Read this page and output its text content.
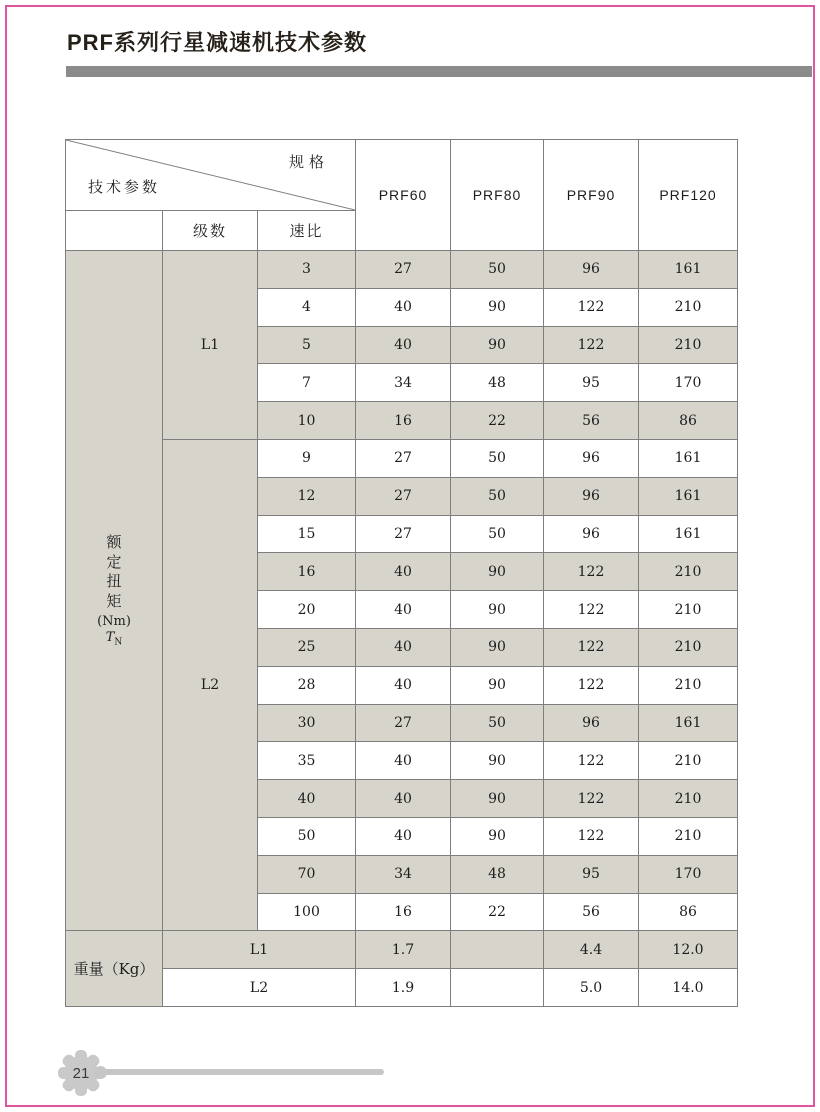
PRF系列行星减速机技术参数
规格
技术参数			PRF60	PRF80	PRF90	PRF120
	级数	速比				

额定扭矩
(Nm)
$T_N$	L1	3	27	50	96	161
		4	40	90	122	210
		5	40	90	122	210
		7	34	48	95	170
		10	16	22	56	86
	L2	9	27	50	96	161
		12	27	50	96	161
		15	27	50	96	161
		16	40	90	122	210
		20	40	90	122	210
		25	40	90	122	210
		28	40	90	122	210
		30	27	50	96	161
		35	40	90	122	210
		40	40	90	122	210
		50	40	90	122	210
		70	34	48	95	170
		100	16	22	56	86
重量（Kg）	L1		1.7		4.4	12.0
	L2		1.9		5.0	14.0
21
